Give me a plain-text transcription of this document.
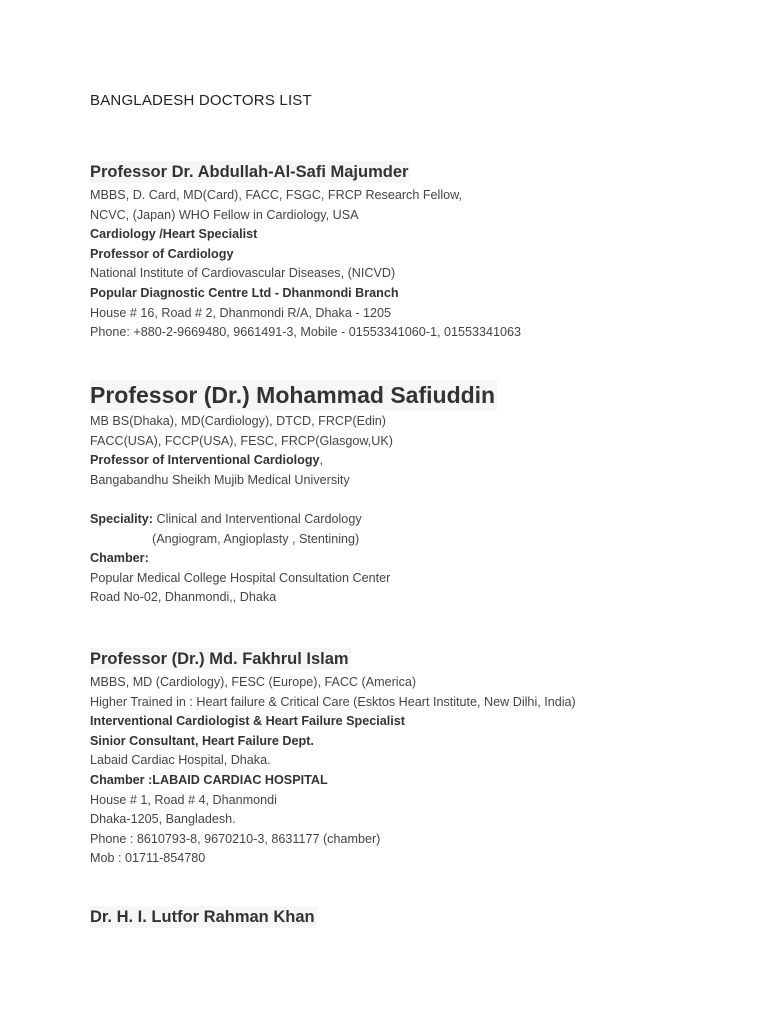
BANGLADESH DOCTORS LIST
Professor Dr. Abdullah-Al-Safi Majumder
MBBS, D. Card, MD(Card), FACC, FSGC, FRCP Research Fellow,
NCVC, (Japan) WHO Fellow in Cardiology, USA
Cardiology /Heart Specialist
Professor of Cardiology
National Institute of Cardiovascular Diseases, (NICVD)
Popular Diagnostic Centre Ltd - Dhanmondi Branch
House # 16, Road # 2, Dhanmondi R/A, Dhaka - 1205
Phone: +880-2-9669480, 9661491-3, Mobile - 01553341060-1, 01553341063
Professor (Dr.) Mohammad Safiuddin
MB BS(Dhaka), MD(Cardiology), DTCD, FRCP(Edin)
FACC(USA), FCCP(USA), FESC, FRCP(Glasgow,UK)
Professor of Interventional Cardiology,
Bangabandhu Sheikh Mujib Medical University
Speciality: Clinical and Interventional Cardology
(Angiogram, Angioplasty , Stentining)
Chamber:
Popular Medical College Hospital Consultation Center
Road No-02, Dhanmondi,, Dhaka
Professor (Dr.) Md. Fakhrul Islam
MBBS, MD (Cardiology), FESC (Europe), FACC (America)
Higher Trained in : Heart failure & Critical Care (Esktos Heart Institute, New Dilhi, India)
Interventional Cardiologist & Heart Failure Specialist
Sinior Consultant, Heart Failure Dept.
Labaid Cardiac Hospital, Dhaka.
Chamber :LABAID CARDIAC HOSPITAL
House # 1, Road # 4, Dhanmondi
Dhaka-1205, Bangladesh.
Phone : 8610793-8, 9670210-3, 8631177 (chamber)
Mob : 01711-854780
Dr. H. I. Lutfor Rahman Khan
